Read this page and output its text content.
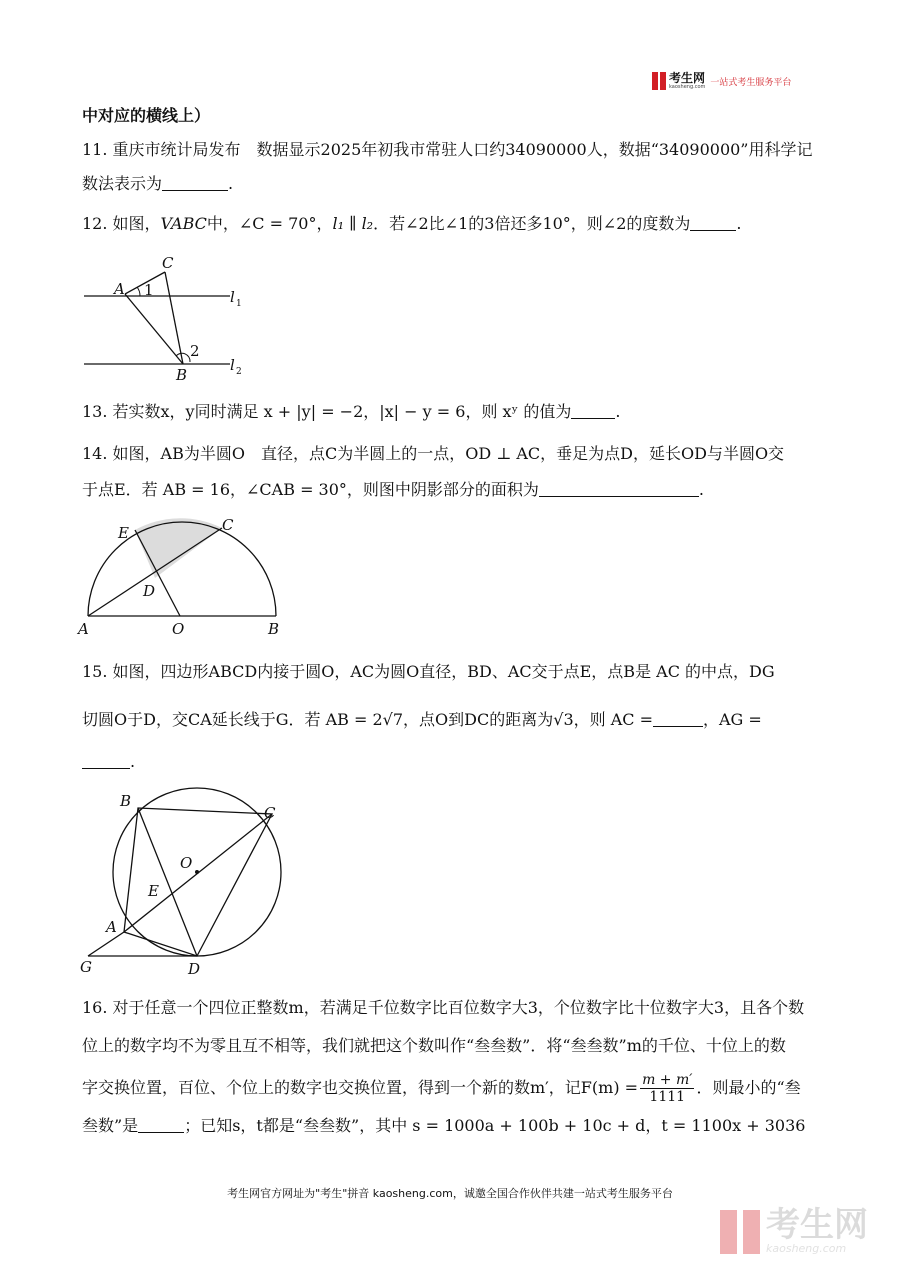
考生网
kaosheng.com 一站式考生服务平台
中对应的横线上）
11. 重庆市统计局发布　数据显示2025年初我市常驻人口约34090000人，数据“34090000”用科学记
数法表示为	.
12. 如图，VABC中，∠C = 70°，l₁ ∥ l₂．若∠2比∠1的3倍还多10°，则∠2的度数为	.
A
C
B
1
2
l 1
l 2
13. 若实数x，y同时满足 x + |y| = −2，|x| − y = 6，则 xʸ 的值为	.
14. 如图，AB为半圆O　直径，点C为半圆上的一点，OD ⊥ AC，垂足为点D，延长OD与半圆O交
于点E．若 AB = 16，∠CAB = 30°，则图中阴影部分的面积为	.
A	O	B
C
E
D
15. 如图，四边形ABCD内接于圆O，AC为圆O直径，BD、AC交于点E，点B是 AC 的中点，DG
切圆O于D，交CA延长线于G．若 AB = 2√7，点O到DC的距离为√3，则 AC =	，AG =
.
B
C
O
E
A
G	D
16. 对于任意一个四位正整数m，若满足千位数字比百位数字大3，个位数字比十位数字大3，且各个数
位上的数字均不为零且互不相等，我们就把这个数叫作“叁叁数”．将“叁叁数”m的千位、十位上的数
字交换位置，百位、个位上的数字也交换位置，得到一个新的数m′，记$F(m) = \frac{m + m'}{1111}$ ．则最小的“叁
叁数”是	；已知s，t都是“叁叁数”，其中 s = 1000a + 100b + 10c + d，t = 1100x + 3036
考生网官方网址为"考生"拼音 kaosheng.com，诚邀全国合作伙伴共建一站式考生服务平台
考生网
kaosheng.com
